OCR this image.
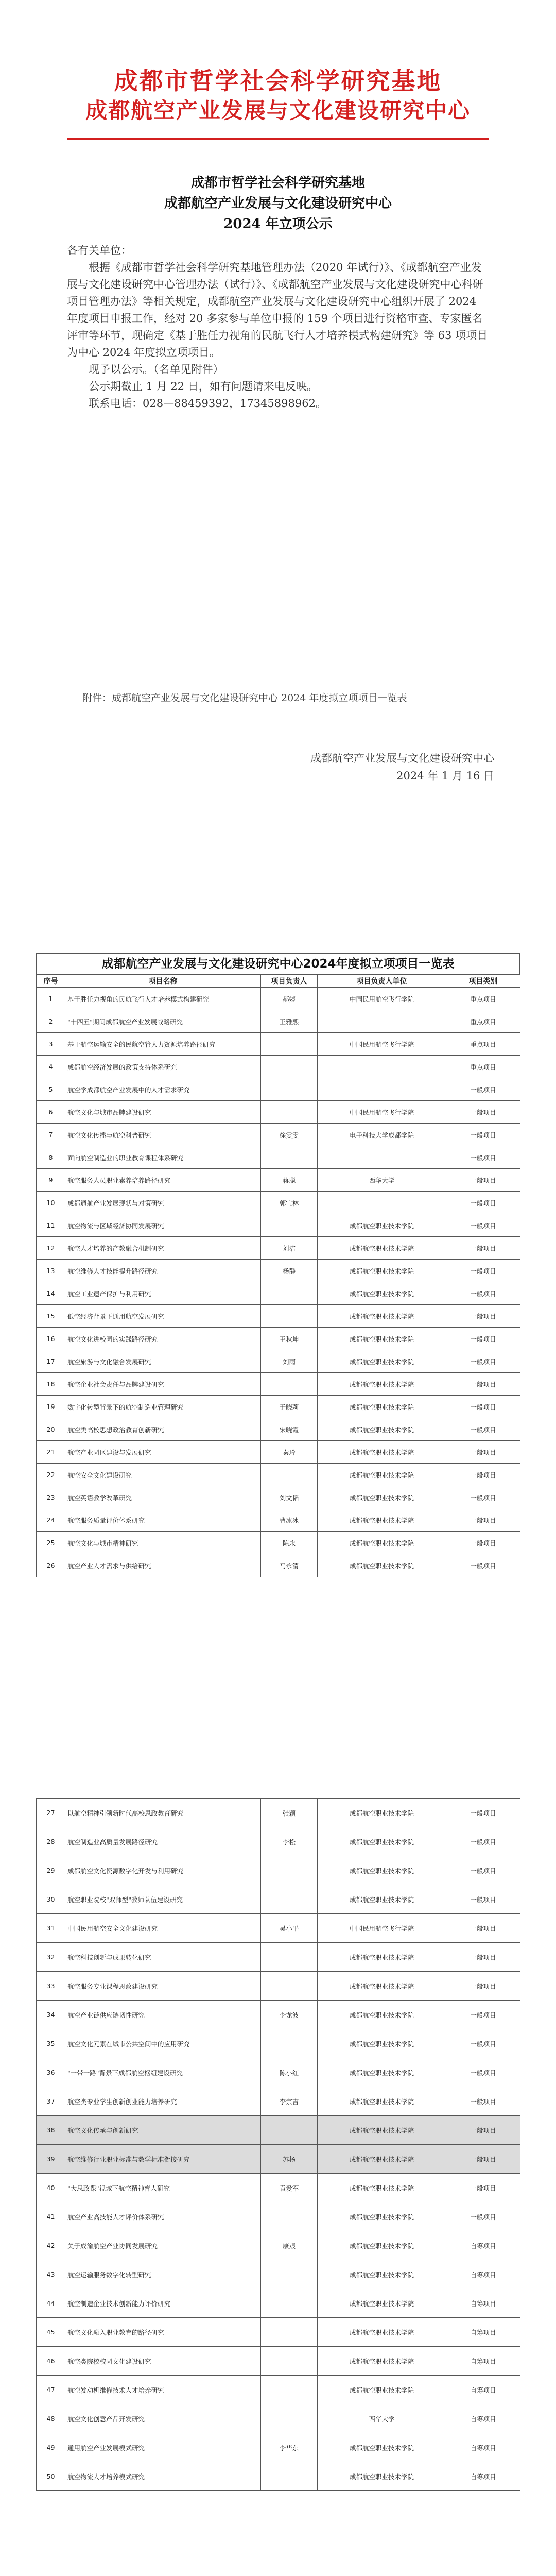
成都市哲学社会科学研究基地
成都航空产业发展与文化建设研究中心
成都市哲学社会科学研究基地
成都航空产业发展与文化建设研究中心
2024 年立项公示

各有关单位：

根据《成都市哲学社会科学研究基地管理办法（2020 年试行）》、《成都航空产业发展与文化建设研究中心管理办法（试行）》、《成都航空产业发展与文化建设研究中心科研项目管理办法》等相关规定，成都航空产业发展与文化建设研究中心组织开展了 2024 年度项目申报工作，经对 20 多家参与单位申报的 159 个项目进行资格审查、专家匿名评审等环节，现确定《基于胜任力视角的民航飞行人才培养模式构建研究》等 63 项项目为中心 2024 年度拟立项项目。

现予以公示。（名单见附件）

公示期截止 1 月 22 日，如有问题请来电反映。

联系电话：028—88459392，17345898962。

附件：成都航空产业发展与文化建设研究中心 2024 年度拟立项项目一览表
成都航空产业发展与文化建设研究中心
2024 年 1 月 16 日
成都航空产业发展与文化建设研究中心2024年度拟立项项目一览表
序号	项目名称	项目负责人	项目负责人单位	项目类别
1	基于胜任力视角的民航飞行人才培养模式构建研究	郝婷	中国民用航空飞行学院	重点项目
2	"十四五"期间成都航空产业发展战略研究	王雅熙		重点项目
3	基于航空运输安全的民航空管人力资源培养路径研究		中国民用航空飞行学院	重点项目
4	成都航空经济发展的政策支持体系研究			重点项目
5	航空学成都航空产业发展中的人才需求研究			一般项目
6	航空文化与城市品牌建设研究		中国民用航空飞行学院	一般项目
7	航空文化传播与航空科普研究	徐雯雯	电子科技大学成都学院	一般项目
8	面向航空制造业的职业教育课程体系研究			一般项目
9	航空服务人员职业素养培养路径研究	蒋聪	西华大学	一般项目
10	成都通航产业发展现状与对策研究	郭宝林		一般项目
11	航空物流与区域经济协同发展研究		成都航空职业技术学院	一般项目
12	航空人才培养的产教融合机制研究	刘洁	成都航空职业技术学院	一般项目
13	航空维修人才技能提升路径研究	杨静	成都航空职业技术学院	一般项目
14	航空工业遗产保护与利用研究		成都航空职业技术学院	一般项目
15	低空经济背景下通用航空发展研究		成都航空职业技术学院	一般项目
16	航空文化进校园的实践路径研究	王秋坤	成都航空职业技术学院	一般项目
17	航空旅游与文化融合发展研究	刘雨	成都航空职业技术学院	一般项目
18	航空企业社会责任与品牌建设研究		成都航空职业技术学院	一般项目
19	数字化转型背景下的航空制造业管理研究	于晓莉	成都航空职业技术学院	一般项目
20	航空类高校思想政治教育创新研究	宋晓霞	成都航空职业技术学院	一般项目
21	航空产业园区建设与发展研究	秦玲	成都航空职业技术学院	一般项目
22	航空安全文化建设研究		成都航空职业技术学院	一般项目
23	航空英语教学改革研究	刘文韬	成都航空职业技术学院	一般项目
24	航空服务质量评价体系研究	曹冰冰	成都航空职业技术学院	一般项目
25	航空文化与城市精神研究	陈永	成都航空职业技术学院	一般项目
26	航空产业人才需求与供给研究	马永清	成都航空职业技术学院	一般项目
27	以航空精神引领新时代高校思政教育研究	张颖	成都航空职业技术学院	一般项目
28	航空制造业高质量发展路径研究	李松	成都航空职业技术学院	一般项目
29	成都航空文化资源数字化开发与利用研究		成都航空职业技术学院	一般项目
30	航空职业院校"双师型"教师队伍建设研究		成都航空职业技术学院	一般项目
31	中国民用航空安全文化建设研究	吴小平	中国民用航空飞行学院	一般项目
32	航空科技创新与成果转化研究		成都航空职业技术学院	一般项目
33	航空服务专业课程思政建设研究		成都航空职业技术学院	一般项目
34	航空产业链供应链韧性研究	李龙波	成都航空职业技术学院	一般项目
35	航空文化元素在城市公共空间中的应用研究		成都航空职业技术学院	一般项目
36	"一带一路"背景下成都航空枢纽建设研究	陈小红	成都航空职业技术学院	一般项目
37	航空类专业学生创新创业能力培养研究	李宗吉	成都航空职业技术学院	一般项目
38	航空文化传承与创新研究		成都航空职业技术学院	一般项目
39	航空维修行业职业标准与教学标准衔接研究	苏杨	成都航空职业技术学院	一般项目
40	"大思政课"视域下航空精神育人研究	袁爱军	成都航空职业技术学院	一般项目
41	航空产业高技能人才评价体系研究		成都航空职业技术学院	一般项目
42	关于成渝航空产业协同发展研究	康艰	成都航空职业技术学院	自筹项目
43	航空运输服务数字化转型研究		成都航空职业技术学院	自筹项目
44	航空制造企业技术创新能力评价研究		成都航空职业技术学院	自筹项目
45	航空文化融入职业教育的路径研究		成都航空职业技术学院	自筹项目
46	航空类院校校园文化建设研究		成都航空职业技术学院	自筹项目
47	航空发动机维修技术人才培养研究		成都航空职业技术学院	自筹项目
48	航空文化创意产品开发研究		西华大学	自筹项目
49	通用航空产业发展模式研究	李华东	成都航空职业技术学院	自筹项目
50	航空物流人才培养模式研究		成都航空职业技术学院	自筹项目
